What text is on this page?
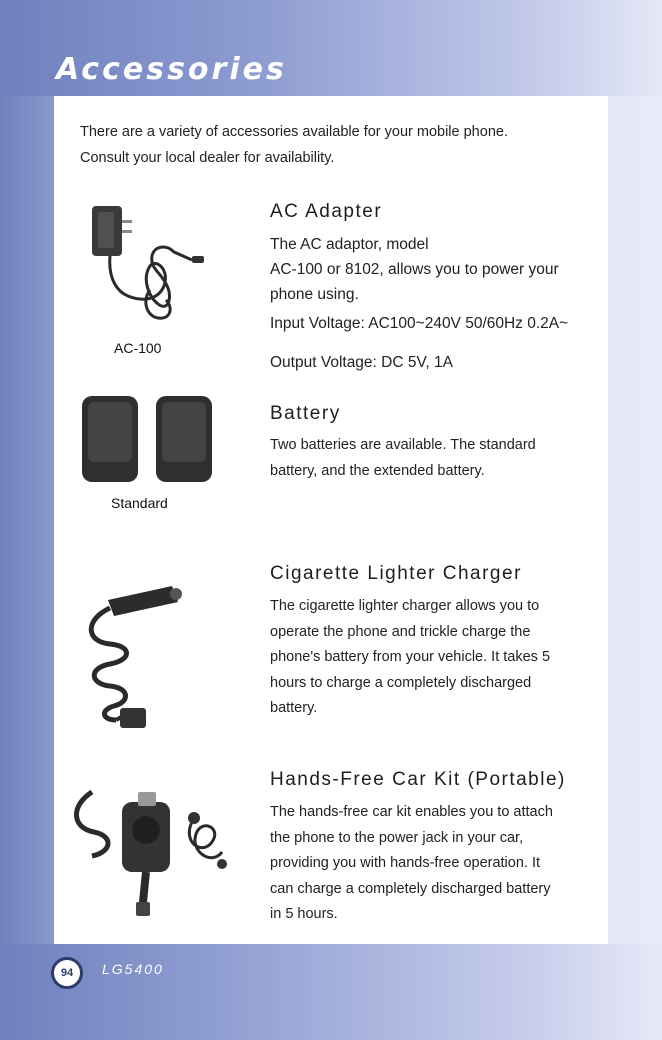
Accessories

There are a variety of accessories available for your mobile phone.

Consult your local dealer for availability.

AC-100
AC Adapter

The AC adaptor, model

AC-100 or 8102, allows you to power your

phone using.

Input Voltage: AC100~240V 50/60Hz 0.2A~

Output Voltage: DC 5V, 1A
Standard
Battery

Two batteries are available. The standard

battery, and the extended battery.

Cigarette Lighter Charger

The cigarette lighter charger allows you to

operate the phone and trickle charge the

phone's battery from your vehicle. It takes 5

hours to charge a completely discharged

battery.

Hands-Free Car Kit (Portable)

The hands-free car kit enables you to attach

the phone to the power jack in your car,

providing you with hands-free operation. It

can charge a completely discharged battery

in 5 hours.

94	LG5400
